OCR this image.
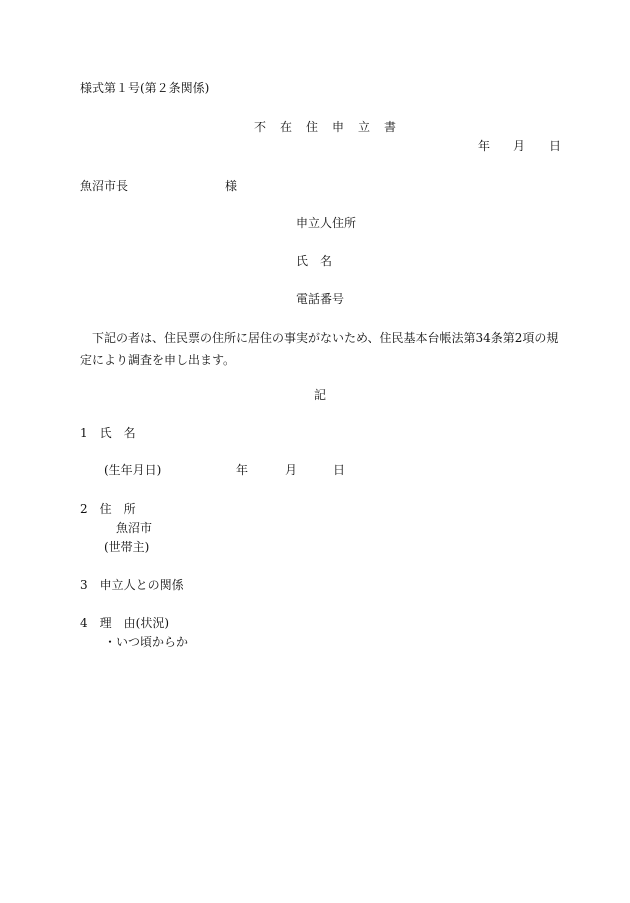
様式第１号(第２条関係)
不在住申立書
年 月 日
魚沼市長	様
申立人住所
氏　名
電話番号
下記の者は、住民票の住所に居住の事実がないため、住民基本台帳法第34条第2項の規定により調査を申し出ます。
記
1　氏　名
(生年月日)	年	月	日
2　住　所
魚沼市
(世帯主)
3　申立人との関係
4　理　由(状況)
・いつ頃からか
